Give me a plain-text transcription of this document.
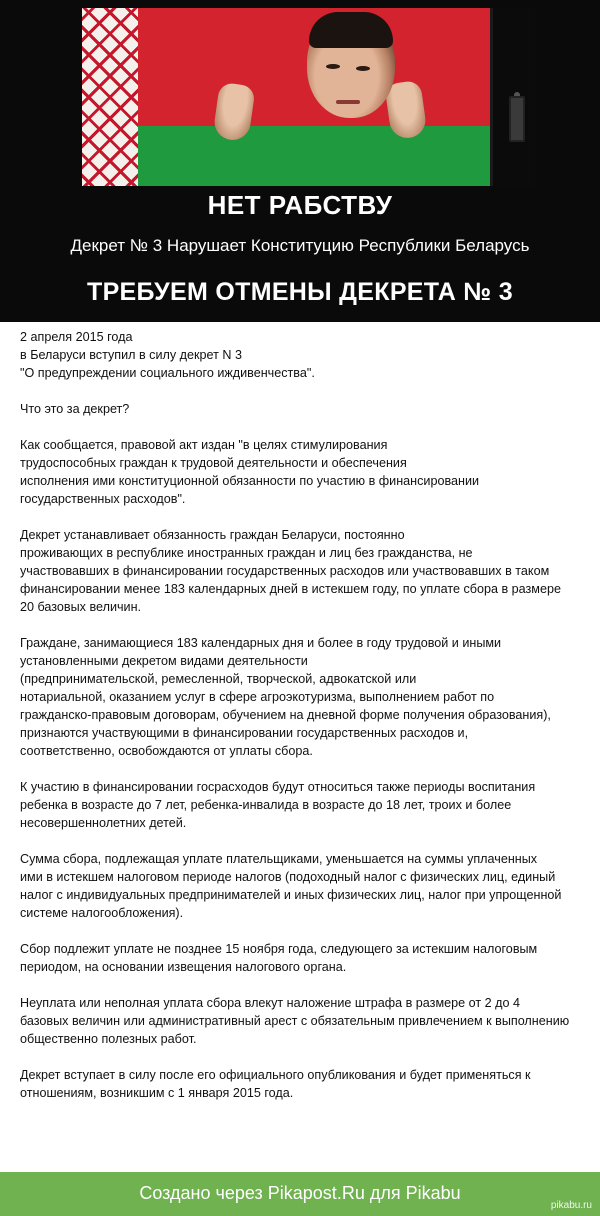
НЕТ РАБСТВУ
Декрет № 3 Нарушает Конституцию Республики Беларусь
ТРЕБУЕМ ОТМЕНЫ ДЕКРЕТА № 3

2 апреля 2015 года
в Беларуси вступил в силу декрет N 3
"О предупреждении социального иждивенчества".

Что это за декрет?

Как сообщается, правовой акт издан "в целях стимулирования
трудоспособных граждан к трудовой деятельности и обеспечения
исполнения ими конституционной обязанности по участию в финансировании
государственных расходов".

Декрет устанавливает обязанность граждан Беларуси, постоянно
проживающих в республике иностранных граждан и лиц без гражданства, не
участвовавших в финансировании государственных расходов или участвовавших в таком
финансировании менее 183 календарных дней в истекшем году, по уплате сбора в размере
20 базовых величин.

Граждане, занимающиеся 183 календарных дня и более в году трудовой и иными
установленными декретом видами деятельности
(предпринимательской, ремесленной, творческой, адвокатской или
нотариальной, оказанием услуг в сфере агроэкотуризма, выполнением работ по
гражданско-правовым договорам, обучением на дневной форме получения образования),
признаются участвующими в финансировании государственных расходов и,
соответственно, освобождаются от уплаты сбора.

К участию в финансировании госрасходов будут относиться также периоды воспитания
ребенка в возрасте до 7 лет, ребенка-инвалида в возрасте до 18 лет, троих и более
несовершеннолетних детей.

Сумма сбора, подлежащая уплате плательщиками, уменьшается на суммы уплаченных
ими в истекшем налоговом периоде налогов (подоходный налог с физических лиц, единый
налог с индивидуальных предпринимателей и иных физических лиц, налог при упрощенной
системе налогообложения).

Сбор подлежит уплате не позднее 15 ноября года, следующего за истекшим налоговым
периодом, на основании извещения налогового органа.

Неуплата или неполная уплата сбора влекут наложение штрафа в размере от 2 до 4
базовых величин или административный арест с обязательным привлечением к выполнению
общественно полезных работ.

Декрет вступает в силу после его официального опубликования и будет применяться к
отношениям, возникшим с 1 января 2015 года.

Создано через Pikapost.Ru для Pikabu
pikabu.ru
